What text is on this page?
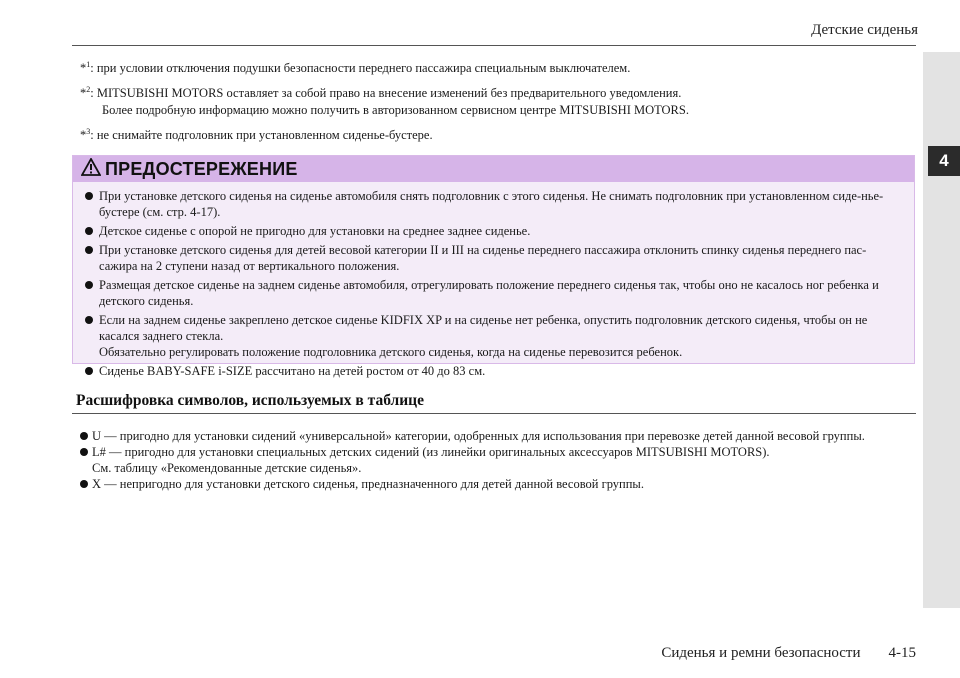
Детские сиденья
4
*$^1$: при условии отключения подушки безопасности переднего пассажира специальным выключателем.
*$^2$: MITSUBISHI MOTORS оставляет за собой право на внесение изменений без предварительного уведомления.
Более подробную информацию можно получить в авторизованном сервисном центре MITSUBISHI MOTORS.
*$^3$: не снимайте подголовник при установленном сиденье-бустере.
ПРЕДОСТЕРЕЖЕНИЕ
При установке детского сиденья на сиденье автомобиля снять подголовник с этого сиденья. Не снимать подголовник при установленном сиде-нье-бустере (см. стр. 4-17).
Детское сиденье с опорой не пригодно для установки на среднее заднее сиденье.
При установке детского сиденья для детей весовой категории II и III на сиденье переднего пассажира отклонить спинку сиденья переднего пас-сажира на 2 ступени назад от вертикального положения.
Размещая детское сиденье на заднем сиденье автомобиля, отрегулировать положение переднего сиденья так, чтобы оно не касалось ног ребенка и детского сиденья.
Если на заднем сиденье закреплено детское сиденье KIDFIX XP и на сиденье нет ребенка, опустить подголовник детского сиденья, чтобы он не касался заднего стекла.
Обязательно регулировать положение подголовника детского сиденья, когда на сиденье перевозится ребенок.
Сиденье BABY-SAFE i-SIZE рассчитано на детей ростом от 40 до 83 см.
Расшифровка символов, используемых в таблице
U — пригодно для установки сидений «универсальной» категории, одобренных для использования при перевозке детей данной весовой группы.
L# — пригодно для установки специальных детских сидений (из линейки оригинальных аксессуаров MITSUBISHI MOTORS).
См. таблицу «Рекомендованные детские сиденья».
X — непригодно для установки детского сиденья, предназначенного для детей данной весовой группы.
Сиденья и ремни безопасности 4-15
